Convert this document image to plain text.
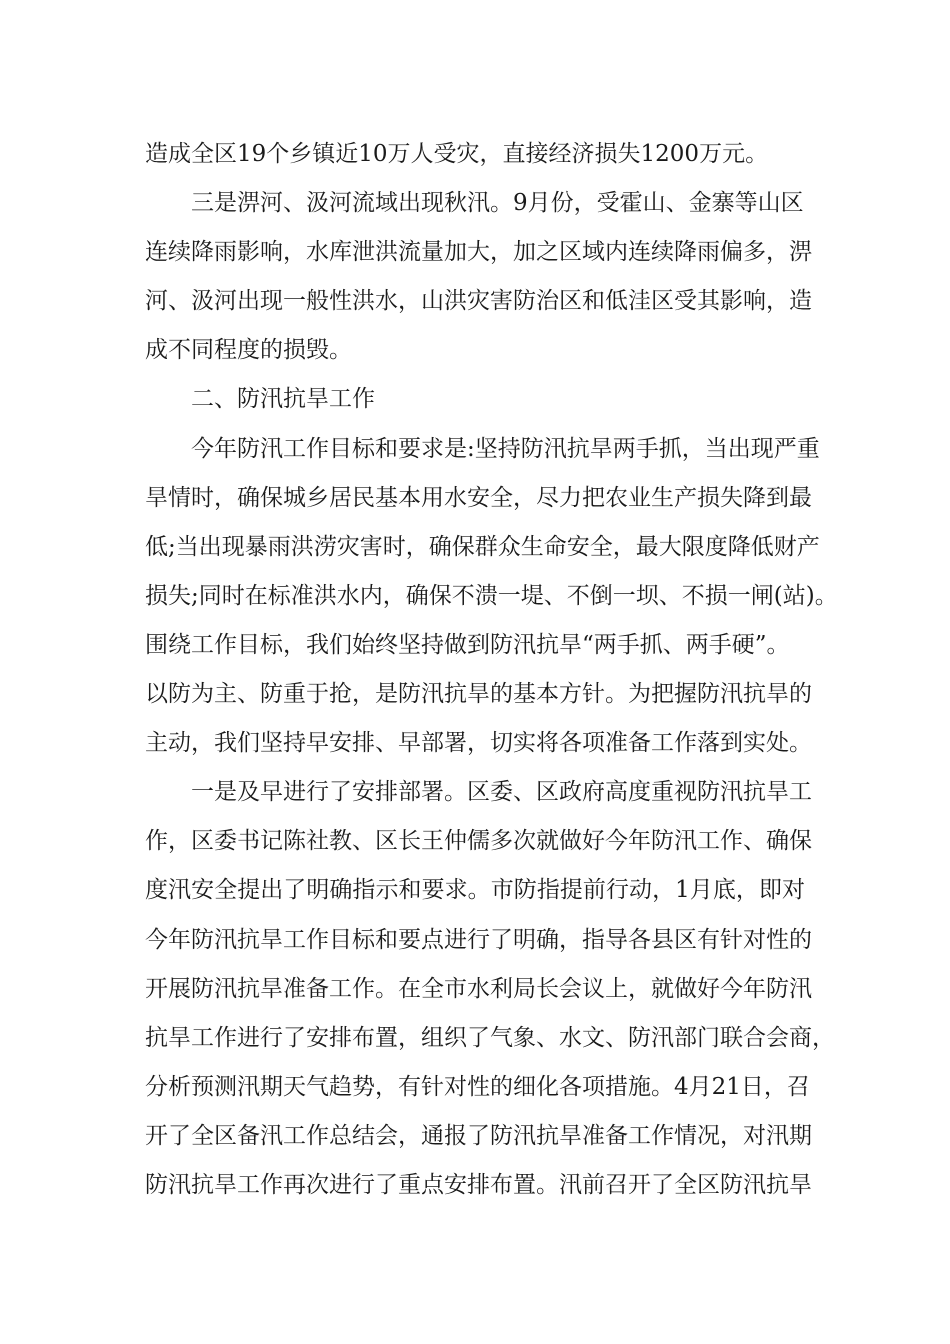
造成全区19个乡镇近10万人受灾，直接经济损失1200万元。
三是淠河、汲河流域出现秋汛。9月份，受霍山、金寨等山区
连续降雨影响，水库泄洪流量加大，加之区域内连续降雨偏多，淠
河、汲河出现一般性洪水，山洪灾害防治区和低洼区受其影响，造
成不同程度的损毁。
二、防汛抗旱工作
今年防汛工作目标和要求是:坚持防汛抗旱两手抓，当出现严重
旱情时，确保城乡居民基本用水安全，尽力把农业生产损失降到最
低;当出现暴雨洪涝灾害时，确保群众生命安全，最大限度降低财产
损失;同时在标准洪水内，确保不溃一堤、不倒一坝、不损一闸(站)。
围绕工作目标，我们始终坚持做到防汛抗旱“两手抓、两手硬”。
以防为主、防重于抢，是防汛抗旱的基本方针。为把握防汛抗旱的
主动，我们坚持早安排、早部署，切实将各项准备工作落到实处。
一是及早进行了安排部署。区委、区政府高度重视防汛抗旱工
作，区委书记陈社教、区长王仲儒多次就做好今年防汛工作、确保
度汛安全提出了明确指示和要求。市防指提前行动，1月底，即对
今年防汛抗旱工作目标和要点进行了明确，指导各县区有针对性的
开展防汛抗旱准备工作。在全市水利局长会议上，就做好今年防汛
抗旱工作进行了安排布置，组织了气象、水文、防汛部门联合会商，
分析预测汛期天气趋势，有针对性的细化各项措施。4月21日，召
开了全区备汛工作总结会，通报了防汛抗旱准备工作情况，对汛期
防汛抗旱工作再次进行了重点安排布置。汛前召开了全区防汛抗旱
